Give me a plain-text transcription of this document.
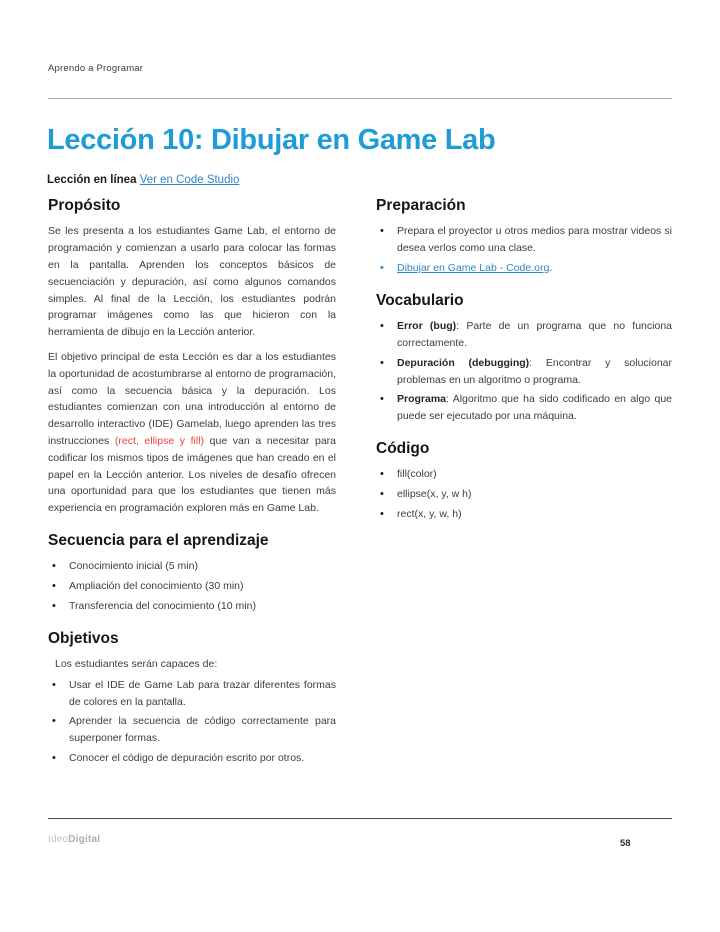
Aprendo a Programar
Lección 10: Dibujar en Game Lab
Lección en línea Ver en Code Studio
Propósito

Se les presenta a los estudiantes Game Lab, el entorno de programación y comienzan a usarlo para colocar las formas en la pantalla. Aprenden los conceptos básicos de secuenciación y depuración, así como algunos comandos simples. Al final de la Lección, los estudiantes podrán programar imágenes como las que hicieron con la herramienta de dibujo en la Lección anterior.

El objetivo principal de esta Lección es dar a los estudiantes la oportunidad de acostumbrarse al entorno de programación, así como la secuencia básica y la depuración. Los estudiantes comienzan con una introducción al entorno de desarrollo interactivo (IDE) Gamelab, luego aprenden las tres instrucciones (rect, ellipse y fill) que van a necesitar para codificar los mismos tipos de imágenes que han creado en el papel en la Lección anterior. Los niveles de desafío ofrecen una oportunidad para que los estudiantes que tienen más experiencia en programación exploren más en Game Lab.

Secuencia para el aprendizaje
• Conocimiento inicial (5 min)
• Ampliación del conocimiento (30 min)
• Transferencia del conocimiento (10 min)
Objetivos

Los estudiantes serán capaces de:

• Usar el IDE de Game Lab para trazar diferentes formas de colores en la pantalla.
• Aprender la secuencia de código correctamente para superponer formas.
• Conocer el código de depuración escrito por otros.
Preparación
• Prepara el proyector u otros medios para mostrar videos si desea verlos como una clase.
• Dibujar en Game Lab - Code.org.
Vocabulario
• Error (bug): Parte de un programa que no funciona correctamente.
• Depuración (debugging): Encontrar y solucionar problemas en un algoritmo o programa.
• Programa: Algoritmo que ha sido codificado en algo que puede ser ejecutado por una máquina.
Código
• fill(color)
• ellipse(x, y, w h)
• rect(x, y, w, h)
IdeoDigital	58
